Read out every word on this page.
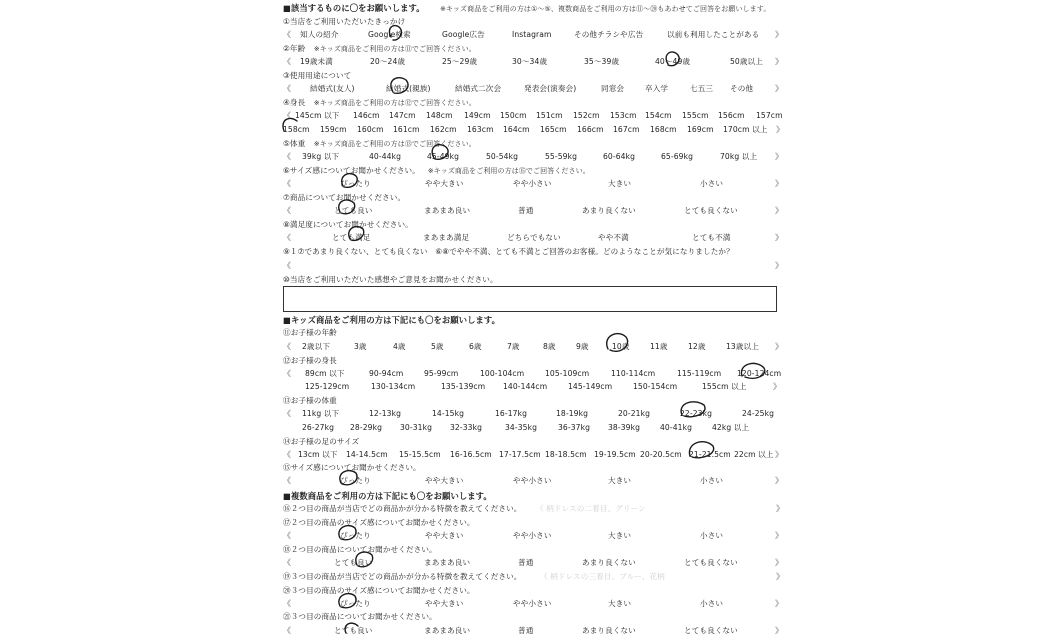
■該当するものに〇をお願いします。 ※キッズ商品をご利用の方は①〜⑤、複数商品をご利用の方は⑪〜⑳もあわせてご回答をお願いします。
①当店をご利用いただいたきっかけ
《	》
知人の紹介	Google検索	Google広告	Instagram	その他チラシや広告	以前も利用したことがある
②年齢 ※キッズ商品をご利用の方は⑪でご回答ください。
《	》
19歳未満	20〜24歳	25〜29歳	30〜34歳	35〜39歳	40〜49歳	50歳以上
③使用用途について
《	》
結婚式(友人)	結婚式(親族)	結婚式二次会	発表会(演奏会)	同窓会	卒入学	七五三 その他
④身長 ※キッズ商品をご利用の方は⑫でご回答ください。
《 145cm 以下 146cm 147cm 148cm 149cm 150cm 151cm 152cm 153cm 154cm 155cm 156cm 157cm
158cm 159cm 160cm 161cm 162cm 163cm 164cm 165cm 166cm 167cm 168cm 169cm 170cm 以上 》
⑤体重 ※キッズ商品をご利用の方は⑬でご回答ください。
《	》
39kg 以下	40-44kg	45-49kg	50-54kg	55-59kg	60-64kg	65-69kg	70kg 以上
⑥サイズ感についてお聞かせください。 ※キッズ商品をご利用の方は⑮でご回答ください。
《	》
ぴったり	やや大きい	やや小さい	大きい	小さい
⑦商品についてお聞かせください。
《	》
とても良い	まあまあ良い	普通	あまり良くない	とても良くない
⑧満足度についてお聞かせください。
《	》
とても満足	まあまあ満足	どちらでもない	やや不満	とても不満
⑨１⑦であまり良くない、とても良くない　⑥⑧でやや不満、とても不満とご回答のお客様。どのようなことが気になりましたか？
《	》
⑩当店をご利用いただいた感想やご意見をお聞かせください。
■キッズ商品をご利用の方は下記にも〇をお願いします。
⑪お子様の年齢
《	》
2歳以下	3歳	4歳	5歳	6歳	7歳	8歳	9歳	10歳	11歳	12歳	13歳以上
⑫お子様の身長
《 89cm 以下	90-94cm	95-99cm	100-104cm	105-109cm	110-114cm	115-119cm 120-124cm
125-129cm	130-134cm	135-139cm 140-144cm	145-149cm	150-154cm	155cm 以上	》
⑬お子様の体重
《 11kg 以下	12-13kg	14-15kg	16-17kg	18-19kg	20-21kg	22-23kg	24-25kg
26-27kg 28-29kg 30-31kg 32-33kg	34-35kg	36-37kg 38-39kg	40-41kg	42kg 以上
⑭お子様の足のサイズ
《	》
13cm 以下 14-14.5cm 15-15.5cm 16-16.5cm 17-17.5cm 18-18.5cm 19-19.5cm 20-20.5cm 21-21.5cm 22cm 以上
⑮サイズ感についてお聞かせください。
《	》
ぴったり	やや大きい	やや小さい	大きい	小さい
■複数商品をご利用の方は下記にも〇をお願いします。
⑯２つ目の商品が当店でどの商品かが分かる特徴を教えてください。 《 柄ドレスの二着目、グリーン	》
⑰２つ目の商品のサイズ感についてお聞かせください。
《	》
ぴったり	やや大きい	やや小さい	大きい	小さい
⑱２つ目の商品についてお聞かせください。
《	》
とても良い	まあまあ良い	普通	あまり良くない	とても良くない
⑲３つ目の商品が当店でどの商品かが分かる特徴を教えてください。 《 柄ドレスの三着目、ブルー、花柄	》
⑳３つ目の商品のサイズ感についてお聞かせください。
《	》
ぴったり	やや大きい	やや小さい	大きい	小さい
㉑３つ目の商品についてお聞かせください。
《	》
とても良い	まあまあ良い	普通	あまり良くない	とても良くない
